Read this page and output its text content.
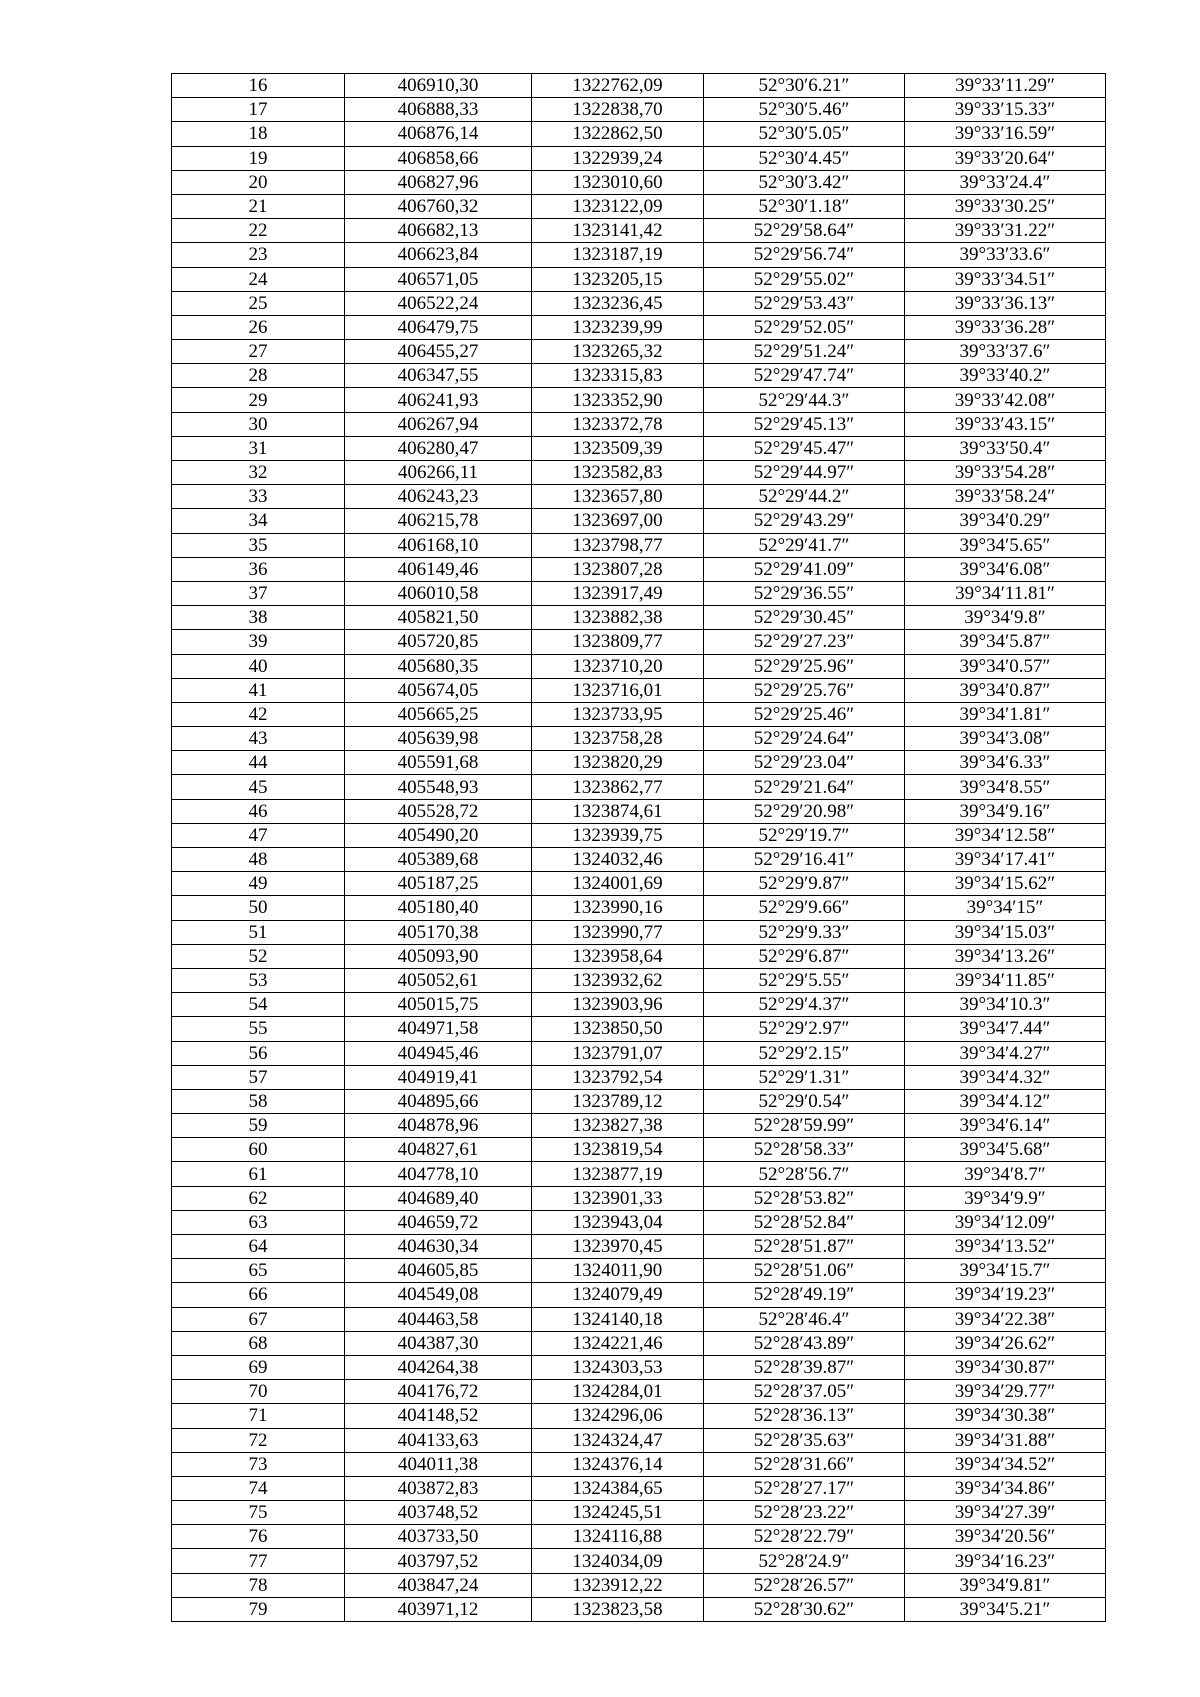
16	406910,30	1322762,09	52°30′6.21″	39°33′11.29″
17	406888,33	1322838,70	52°30′5.46″	39°33′15.33″
18	406876,14	1322862,50	52°30′5.05″	39°33′16.59″
19	406858,66	1322939,24	52°30′4.45″	39°33′20.64″
20	406827,96	1323010,60	52°30′3.42″	39°33′24.4″
21	406760,32	1323122,09	52°30′1.18″	39°33′30.25″
22	406682,13	1323141,42	52°29′58.64″	39°33′31.22″
23	406623,84	1323187,19	52°29′56.74″	39°33′33.6″
24	406571,05	1323205,15	52°29′55.02″	39°33′34.51″
25	406522,24	1323236,45	52°29′53.43″	39°33′36.13″
26	406479,75	1323239,99	52°29′52.05″	39°33′36.28″
27	406455,27	1323265,32	52°29′51.24″	39°33′37.6″
28	406347,55	1323315,83	52°29′47.74″	39°33′40.2″
29	406241,93	1323352,90	52°29′44.3″	39°33′42.08″
30	406267,94	1323372,78	52°29′45.13″	39°33′43.15″
31	406280,47	1323509,39	52°29′45.47″	39°33′50.4″
32	406266,11	1323582,83	52°29′44.97″	39°33′54.28″
33	406243,23	1323657,80	52°29′44.2″	39°33′58.24″
34	406215,78	1323697,00	52°29′43.29″	39°34′0.29″
35	406168,10	1323798,77	52°29′41.7″	39°34′5.65″
36	406149,46	1323807,28	52°29′41.09″	39°34′6.08″
37	406010,58	1323917,49	52°29′36.55″	39°34′11.81″
38	405821,50	1323882,38	52°29′30.45″	39°34′9.8″
39	405720,85	1323809,77	52°29′27.23″	39°34′5.87″
40	405680,35	1323710,20	52°29′25.96″	39°34′0.57″
41	405674,05	1323716,01	52°29′25.76″	39°34′0.87″
42	405665,25	1323733,95	52°29′25.46″	39°34′1.81″
43	405639,98	1323758,28	52°29′24.64″	39°34′3.08″
44	405591,68	1323820,29	52°29′23.04″	39°34′6.33″
45	405548,93	1323862,77	52°29′21.64″	39°34′8.55″
46	405528,72	1323874,61	52°29′20.98″	39°34′9.16″
47	405490,20	1323939,75	52°29′19.7″	39°34′12.58″
48	405389,68	1324032,46	52°29′16.41″	39°34′17.41″
49	405187,25	1324001,69	52°29′9.87″	39°34′15.62″
50	405180,40	1323990,16	52°29′9.66″	39°34′15″
51	405170,38	1323990,77	52°29′9.33″	39°34′15.03″
52	405093,90	1323958,64	52°29′6.87″	39°34′13.26″
53	405052,61	1323932,62	52°29′5.55″	39°34′11.85″
54	405015,75	1323903,96	52°29′4.37″	39°34′10.3″
55	404971,58	1323850,50	52°29′2.97″	39°34′7.44″
56	404945,46	1323791,07	52°29′2.15″	39°34′4.27″
57	404919,41	1323792,54	52°29′1.31″	39°34′4.32″
58	404895,66	1323789,12	52°29′0.54″	39°34′4.12″
59	404878,96	1323827,38	52°28′59.99″	39°34′6.14″
60	404827,61	1323819,54	52°28′58.33″	39°34′5.68″
61	404778,10	1323877,19	52°28′56.7″	39°34′8.7″
62	404689,40	1323901,33	52°28′53.82″	39°34′9.9″
63	404659,72	1323943,04	52°28′52.84″	39°34′12.09″
64	404630,34	1323970,45	52°28′51.87″	39°34′13.52″
65	404605,85	1324011,90	52°28′51.06″	39°34′15.7″
66	404549,08	1324079,49	52°28′49.19″	39°34′19.23″
67	404463,58	1324140,18	52°28′46.4″	39°34′22.38″
68	404387,30	1324221,46	52°28′43.89″	39°34′26.62″
69	404264,38	1324303,53	52°28′39.87″	39°34′30.87″
70	404176,72	1324284,01	52°28′37.05″	39°34′29.77″
71	404148,52	1324296,06	52°28′36.13″	39°34′30.38″
72	404133,63	1324324,47	52°28′35.63″	39°34′31.88″
73	404011,38	1324376,14	52°28′31.66″	39°34′34.52″
74	403872,83	1324384,65	52°28′27.17″	39°34′34.86″
75	403748,52	1324245,51	52°28′23.22″	39°34′27.39″
76	403733,50	1324116,88	52°28′22.79″	39°34′20.56″
77	403797,52	1324034,09	52°28′24.9″	39°34′16.23″
78	403847,24	1323912,22	52°28′26.57″	39°34′9.81″
79	403971,12	1323823,58	52°28′30.62″	39°34′5.21″
